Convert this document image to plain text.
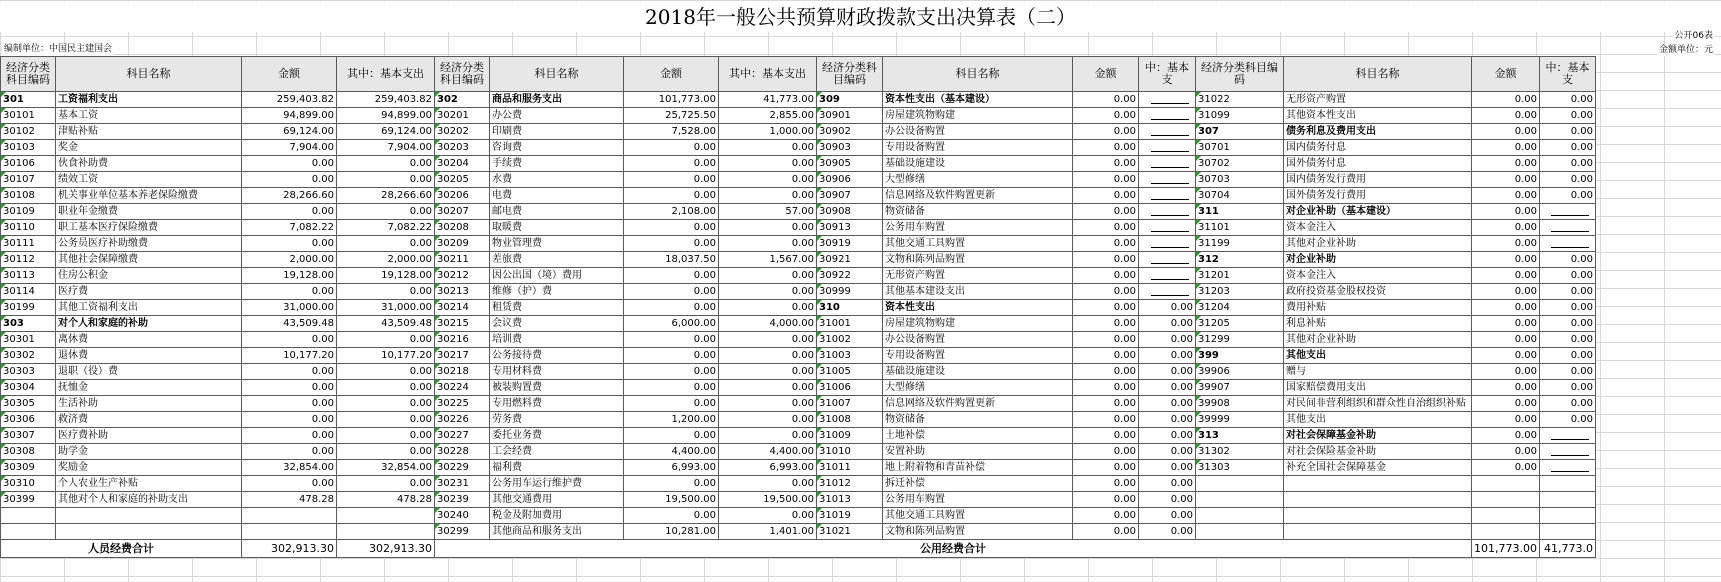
2018年一般公共预算财政拨款支出决算表（二）
编制单位：中国民主建国会
公开06表
金额单位：元
经济分类科目编码	科目名称	金额	其中：基本支出	经济分类科目编码	科目名称	金额	其中：基本支出	经济分类科目编码	科目名称	金额	中：基本支	经济分类科目编码	科目名称	金额	中：基本支
301	工资福利支出	259,403.82	259,403.82	302	商品和服务支出	101,773.00	41,773.00	309	资本性支出（基本建设）	0.00		31022	无形资产购置	0.00	0.00
30101	基本工资	94,899.00	94,899.00	30201	办公费	25,725.50	2,855.00	30901	房屋建筑物购建	0.00		31099	其他资本性支出	0.00	0.00
30102	津贴补贴	69,124.00	69,124.00	30202	印刷费	7,528.00	1,000.00	30902	办公设备购置	0.00		307	债务利息及费用支出	0.00	0.00
30103	奖金	7,904.00	7,904.00	30203	咨询费	0.00	0.00	30903	专用设备购置	0.00		30701	国内债务付息	0.00	0.00
30106	伙食补助费	0.00	0.00	30204	手续费	0.00	0.00	30905	基础设施建设	0.00		30702	国外债务付息	0.00	0.00
30107	绩效工资	0.00	0.00	30205	水费	0.00	0.00	30906	大型修缮	0.00		30703	国内债务发行费用	0.00	0.00
30108	机关事业单位基本养老保险缴费	28,266.60	28,266.60	30206	电费	0.00	0.00	30907	信息网络及软件购置更新	0.00		30704	国外债务发行费用	0.00	0.00
30109	职业年金缴费	0.00	0.00	30207	邮电费	2,108.00	57.00	30908	物资储备	0.00		311	对企业补助（基本建设）	0.00	

30110	职工基本医疗保险缴费	7,082.22	7,082.22	30208	取暖费	0.00	0.00	30913	公务用车购置	0.00		31101	资本金注入	0.00	

30111	公务员医疗补助缴费	0.00	0.00	30209	物业管理费	0.00	0.00	30919	其他交通工具购置	0.00		31199	其他对企业补助	0.00	

30112	其他社会保障缴费	2,000.00	2,000.00	30211	差旅费	18,037.50	1,567.00	30921	文物和陈列品购置	0.00		312	对企业补助	0.00	0.00
30113	住房公积金	19,128.00	19,128.00	30212	因公出国（境）费用	0.00	0.00	30922	无形资产购置	0.00		31201	资本金注入	0.00	0.00
30114	医疗费	0.00	0.00	30213	维修（护）费	0.00	0.00	30999	其他基本建设支出	0.00		31203	政府投资基金股权投资	0.00	0.00
30199	其他工资福利支出	31,000.00	31,000.00	30214	租赁费	0.00	0.00	310	资本性支出	0.00	0.00	31204	费用补贴	0.00	0.00
303	对个人和家庭的补助	43,509.48	43,509.48	30215	会议费	6,000.00	4,000.00	31001	房屋建筑物购建	0.00	0.00	31205	利息补贴	0.00	0.00
30301	离休费	0.00	0.00	30216	培训费	0.00	0.00	31002	办公设备购置	0.00	0.00	31299	其他对企业补助	0.00	0.00
30302	退休费	10,177.20	10,177.20	30217	公务接待费	0.00	0.00	31003	专用设备购置	0.00	0.00	399	其他支出	0.00	0.00
30303	退职（役）费	0.00	0.00	30218	专用材料费	0.00	0.00	31005	基础设施建设	0.00	0.00	39906	赠与	0.00	0.00
30304	抚恤金	0.00	0.00	30224	被装购置费	0.00	0.00	31006	大型修缮	0.00	0.00	39907	国家赔偿费用支出	0.00	0.00
30305	生活补助	0.00	0.00	30225	专用燃料费	0.00	0.00	31007	信息网络及软件购置更新	0.00	0.00	39908	对民间非营利组织和群众性自治组织补贴	0.00	0.00
30306	救济费	0.00	0.00	30226	劳务费	1,200.00	0.00	31008	物资储备	0.00	0.00	39999	其他支出	0.00	0.00
30307	医疗费补助	0.00	0.00	30227	委托业务费	0.00	0.00	31009	土地补偿	0.00	0.00	313	对社会保障基金补助	0.00	

30308	助学金	0.00	0.00	30228	工会经费	4,400.00	4,400.00	31010	安置补助	0.00	0.00	31302	对社会保险基金补助	0.00	

30309	奖励金	32,854.00	32,854.00	30229	福利费	6,993.00	6,993.00	31011	地上附着物和青苗补偿	0.00	0.00	31303	补充全国社会保障基金	0.00	

30310	个人农业生产补贴	0.00	0.00	30231	公务用车运行维护费	0.00	0.00	31012	拆迁补偿	0.00	0.00				
30399	其他对个人和家庭的补助支出	478.28	478.28	30239	其他交通费用	19,500.00	19,500.00	31013	公务用车购置	0.00	0.00				
				30240	税金及附加费用	0.00	0.00	31019	其他交通工具购置	0.00	0.00				
				30299	其他商品和服务支出	10,281.00	1,401.00	31021	文物和陈列品购置	0.00	0.00				
人员经费合计		302,913.30	302,913.30	公用经费合计										101,773.00	41,773.0
